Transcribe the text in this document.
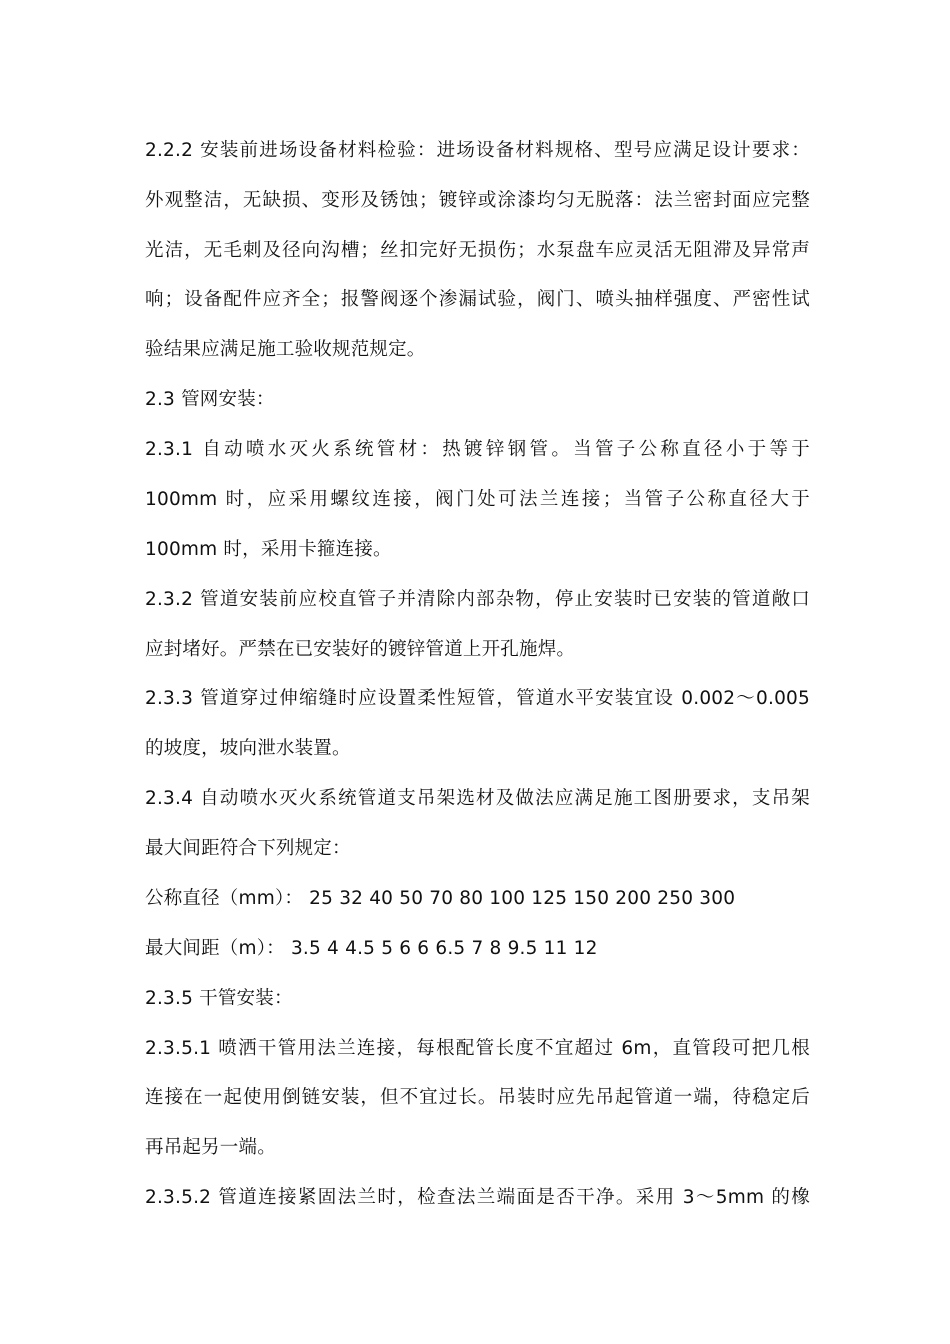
2.2.2 安装前进场设备材料检验：进场设备材料规格、型号应满足设计要求：
外观整洁，无缺损、变形及锈蚀；镀锌或涂漆均匀无脱落：法兰密封面应完整
光洁，无毛刺及径向沟槽；丝扣完好无损伤；水泵盘车应灵活无阻滞及异常声
响；设备配件应齐全；报警阀逐个渗漏试验，阀门、喷头抽样强度、严密性试
验结果应满足施工验收规范规定。
2.3 管网安装：
2.3.1 自动喷水灭火系统管材：热镀锌钢管。当管子公称直径小于等于
100mm 时，应采用螺纹连接，阀门处可法兰连接；当管子公称直径大于
100mm 时，采用卡箍连接。
2.3.2 管道安装前应校直管子并清除内部杂物，停止安装时已安装的管道敞口
应封堵好。严禁在已安装好的镀锌管道上开孔施焊。
2.3.3 管道穿过伸缩缝时应设置柔性短管，管道水平安装宜设 0.002～0.005
的坡度，坡向泄水装置。
2.3.4 自动喷水灭火系统管道支吊架选材及做法应满足施工图册要求，支吊架
最大间距符合下列规定：
公称直径（mm）： 25 32 40 50 70 80 100 125 150 200 250 300
最大间距（m）： 3.5 4 4.5 5 6 6 6.5 7 8 9.5 11 12
2.3.5 干管安装：
2.3.5.1 喷洒干管用法兰连接，每根配管长度不宜超过 6m，直管段可把几根
连接在一起使用倒链安装，但不宜过长。吊装时应先吊起管道一端，待稳定后
再吊起另一端。
2.3.5.2 管道连接紧固法兰时，检查法兰端面是否干净。采用 3～5mm 的橡
